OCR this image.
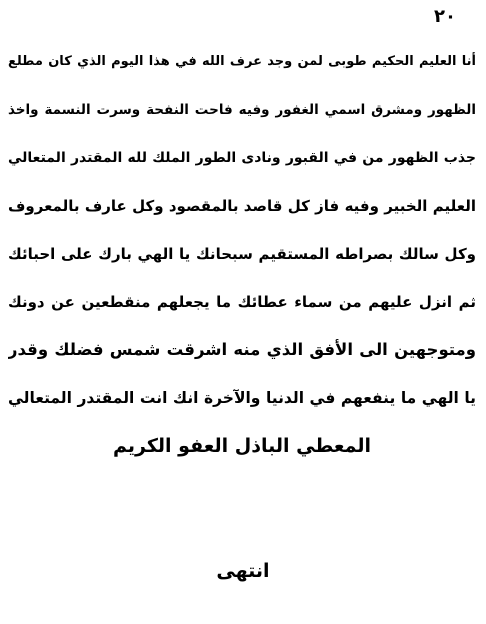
٢٠
أنا العليم الحكيم طوبى لمن وجد عرف الله في هذا اليوم الذي كان مطلع
الظهور ومشرق اسمي الغفور وفيه فاحت النفحة وسرت النسمة واخذ
جذب الظهور من في القبور ونادى الطور الملك لله المقتدر المتعالي
العليم الخبير وفيه فاز كل قاصد بالمقصود وكل عارف بالمعروف
وكل سالك بصراطه المستقيم سبحانك يا الهي بارك على احبائك
ثم انزل عليهم من سماء عطائك ما يجعلهم منقطعين عن دونك
ومتوجهين الى الأفق الذي منه اشرقت شمس فضلك وقدر
يا الهي ما ينفعهم في الدنيا والآخرة انك انت المقتدر المتعالي
المعطي الباذل العفو الكريم
انتهى
